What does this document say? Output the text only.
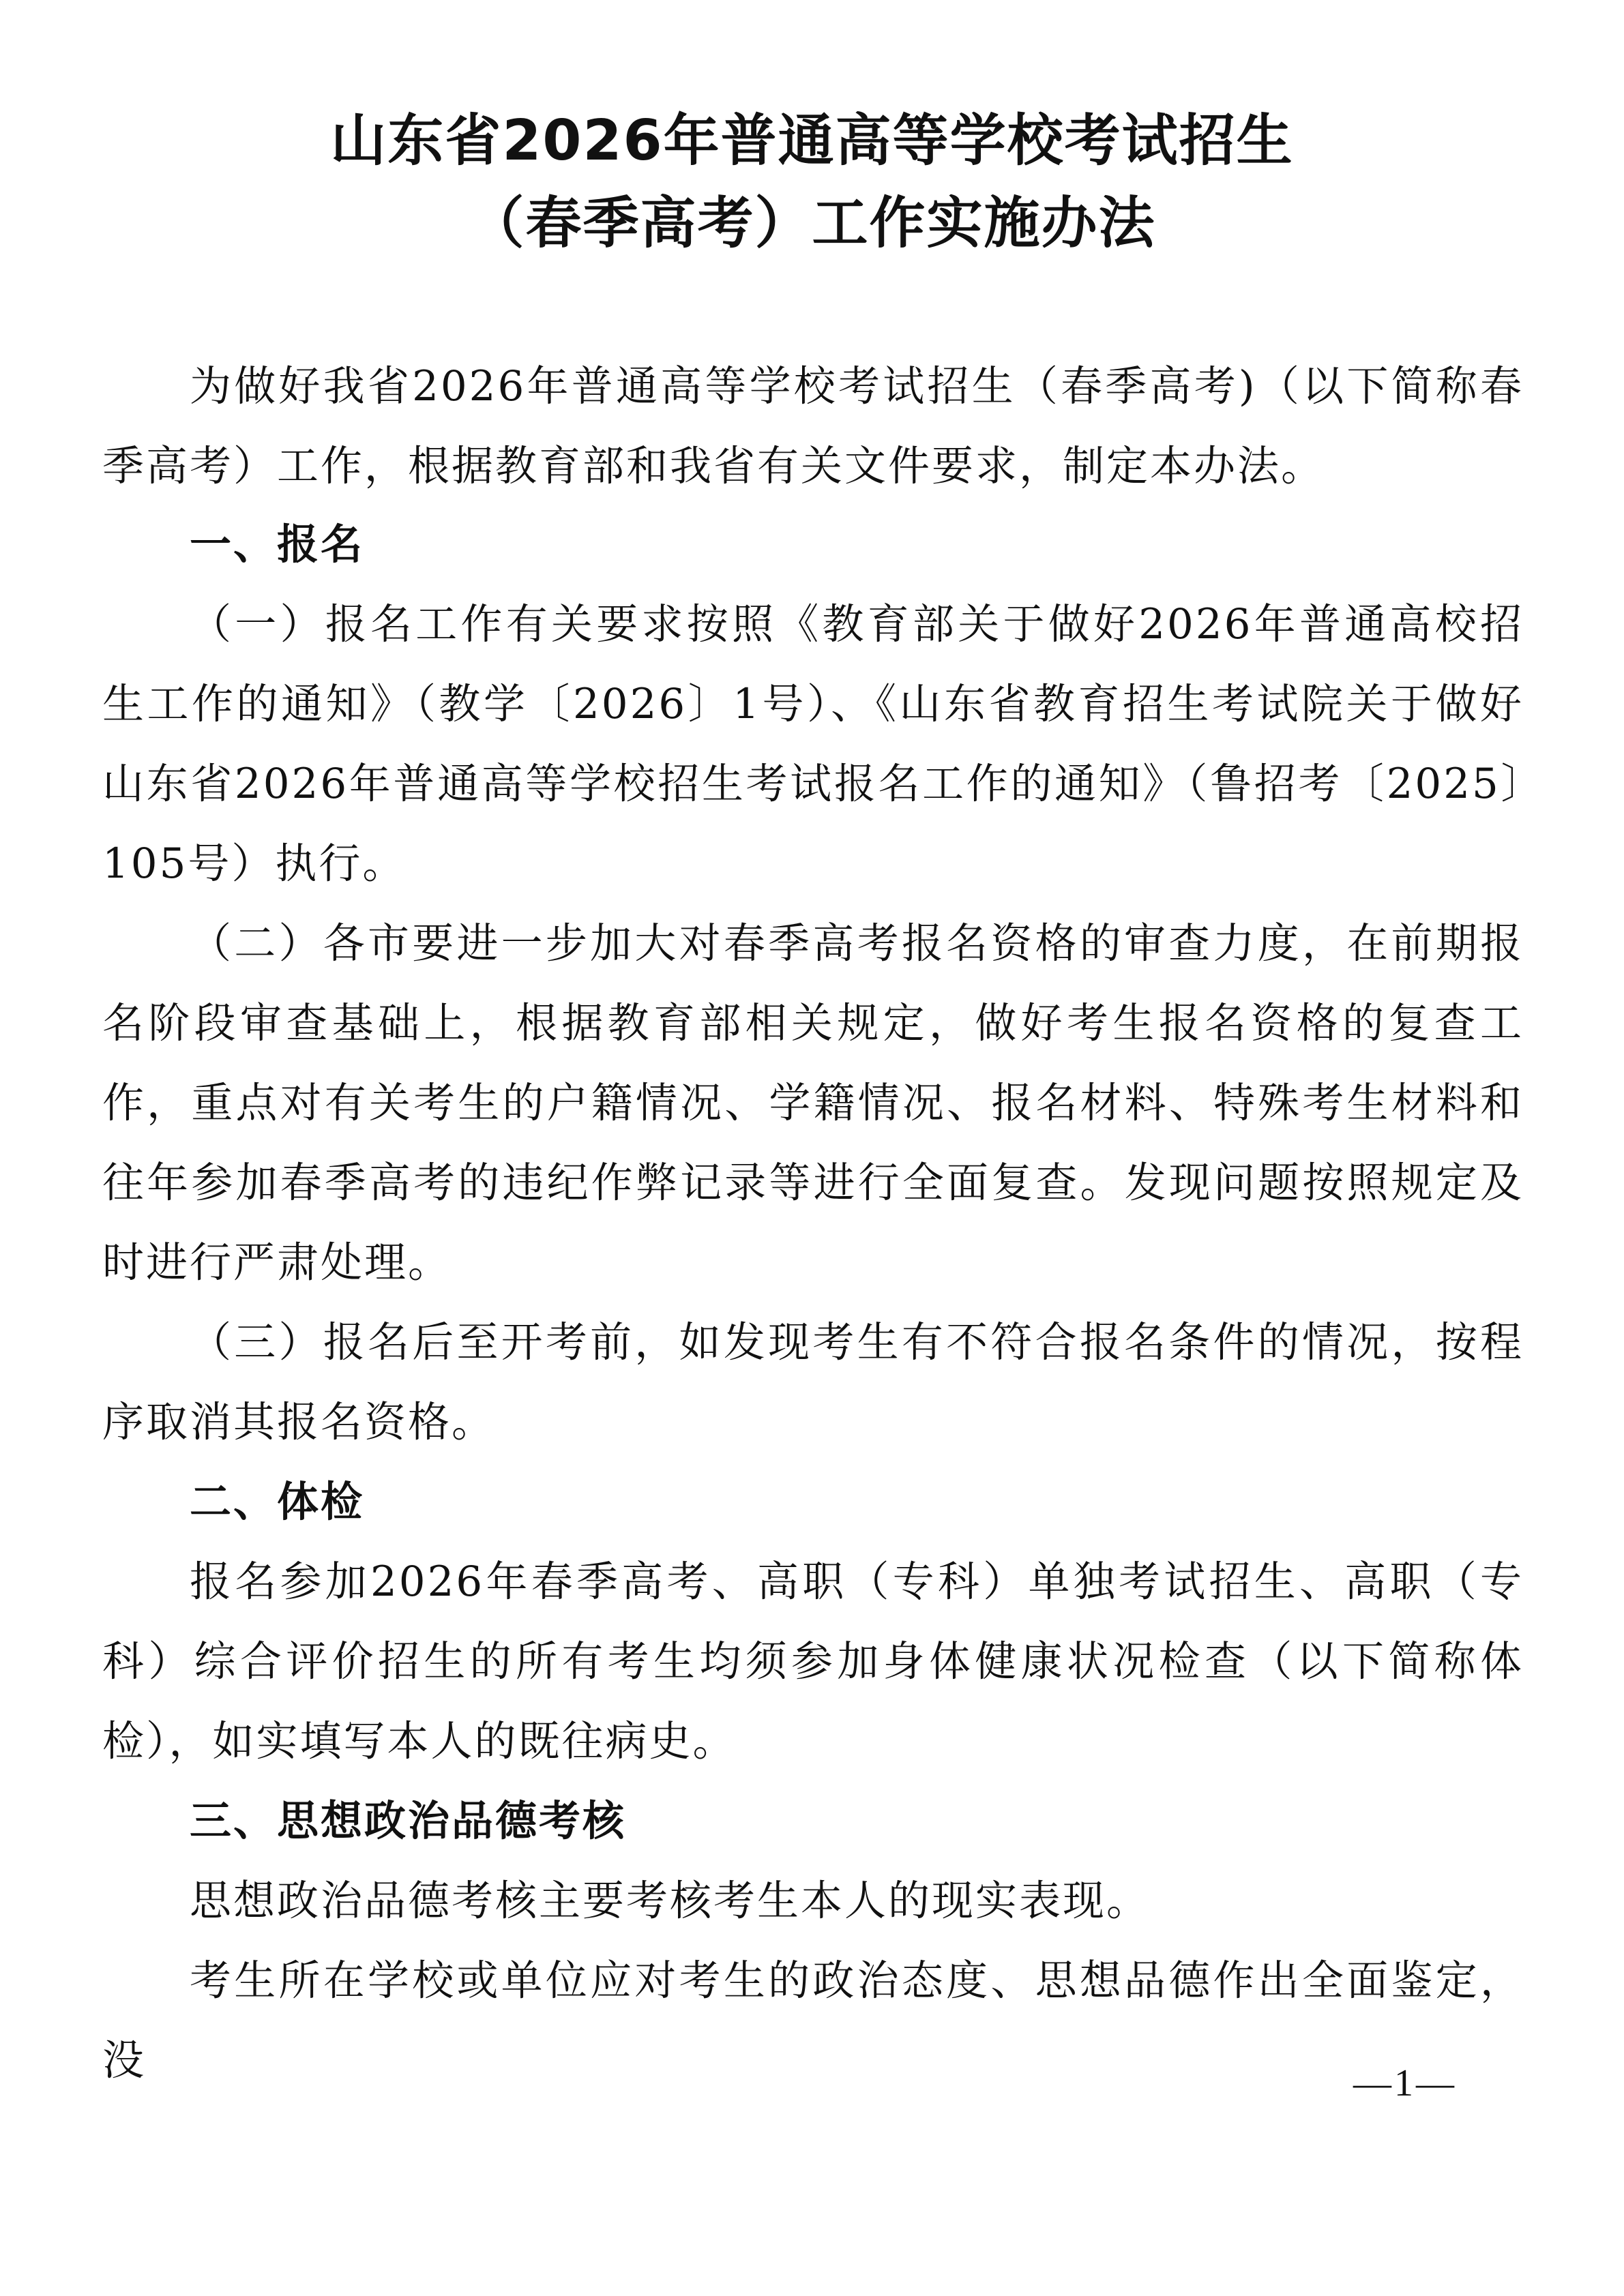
山东省2026年普通高等学校考试招生
（春季高考）工作实施办法
为做好我省2026年普通高等学校考试招生（春季高考)（以下简称春季高考）工作，根据教育部和我省有关文件要求，制定本办法。
一、报名
（一）报名工作有关要求按照《教育部关于做好2026年普通高校招生工作的通知》（教学〔2026〕1号）、《山东省教育招生考试院关于做好山东省2026年普通高等学校招生考试报名工作的通知》（鲁招考〔2025〕105号）执行。
（二）各市要进一步加大对春季高考报名资格的审查力度，在前期报名阶段审查基础上，根据教育部相关规定，做好考生报名资格的复查工作，重点对有关考生的户籍情况、学籍情况、报名材料、特殊考生材料和往年参加春季高考的违纪作弊记录等进行全面复查。发现问题按照规定及时进行严肃处理。
（三）报名后至开考前，如发现考生有不符合报名条件的情况，按程序取消其报名资格。
二、体检
报名参加2026年春季高考、高职（专科）单独考试招生、高职（专科）综合评价招生的所有考生均须参加身体健康状况检查（以下简称体检），如实填写本人的既往病史。
三、思想政治品德考核
思想政治品德考核主要考核考生本人的现实表现。
考生所在学校或单位应对考生的政治态度、思想品德作出全面鉴定，没	—1—
